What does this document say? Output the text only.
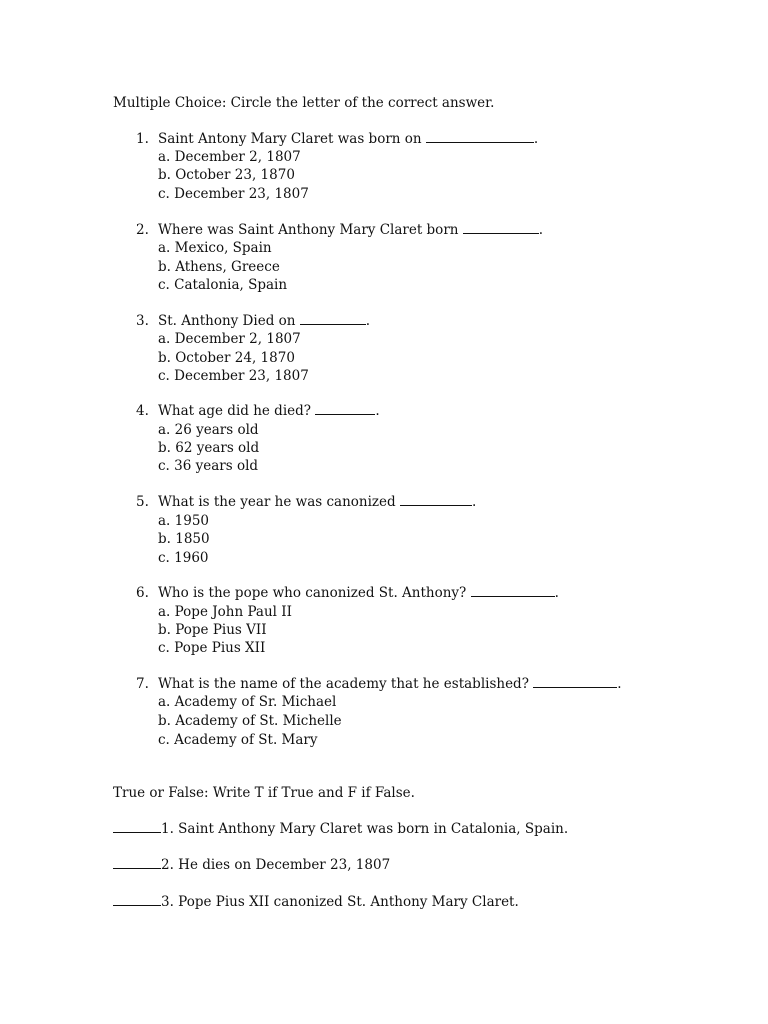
Multiple Choice: Circle the letter of the correct answer.
1. Saint Antony Mary Claret was born on	.
a. December 2, 1807
b. October 23, 1870
c. December 23, 1807
2. Where was Saint Anthony Mary Claret born	.
a. Mexico, Spain
b. Athens, Greece
c. Catalonia, Spain
3. St. Anthony Died on	.
a. December 2, 1807
b. October 24, 1870
c. December 23, 1807
4. What age did he died?	.
a. 26 years old
b. 62 years old
c. 36 years old
5. What is the year he was canonized	.
a. 1950
b. 1850
c. 1960
6. Who is the pope who canonized St. Anthony?	.
a. Pope John Paul II
b. Pope Pius VII
c. Pope Pius XII
7. What is the name of the academy that he established?	.
a. Academy of Sr. Michael
b. Academy of St. Michelle
c. Academy of St. Mary
True or False: Write T if True and F if False.
1. Saint Anthony Mary Claret was born in Catalonia, Spain.
2. He dies on December 23, 1807
3. Pope Pius XII canonized St. Anthony Mary Claret.
